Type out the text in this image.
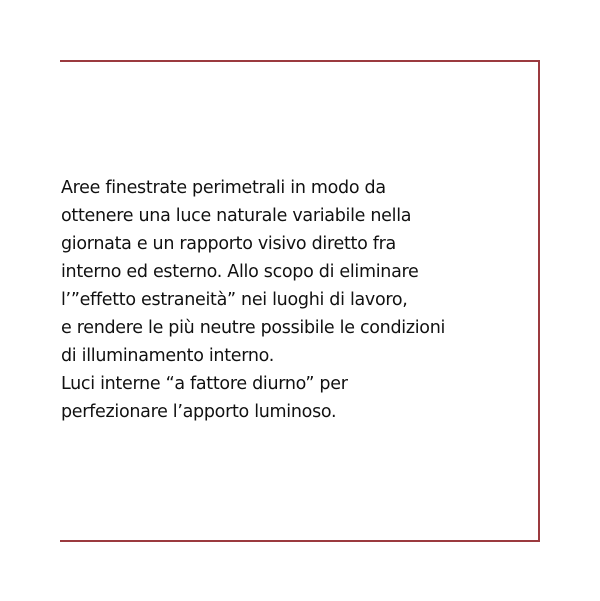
Aree finestrate perimetrali in modo da
ottenere una luce naturale variabile nella
giornata e un rapporto visivo diretto fra
interno ed esterno. Allo scopo di eliminare
l’”effetto estraneità” nei luoghi di lavoro,
e rendere le più neutre possibile le condizioni
di illuminamento interno.
Luci interne “a fattore diurno” per
perfezionare l’apporto luminoso.
